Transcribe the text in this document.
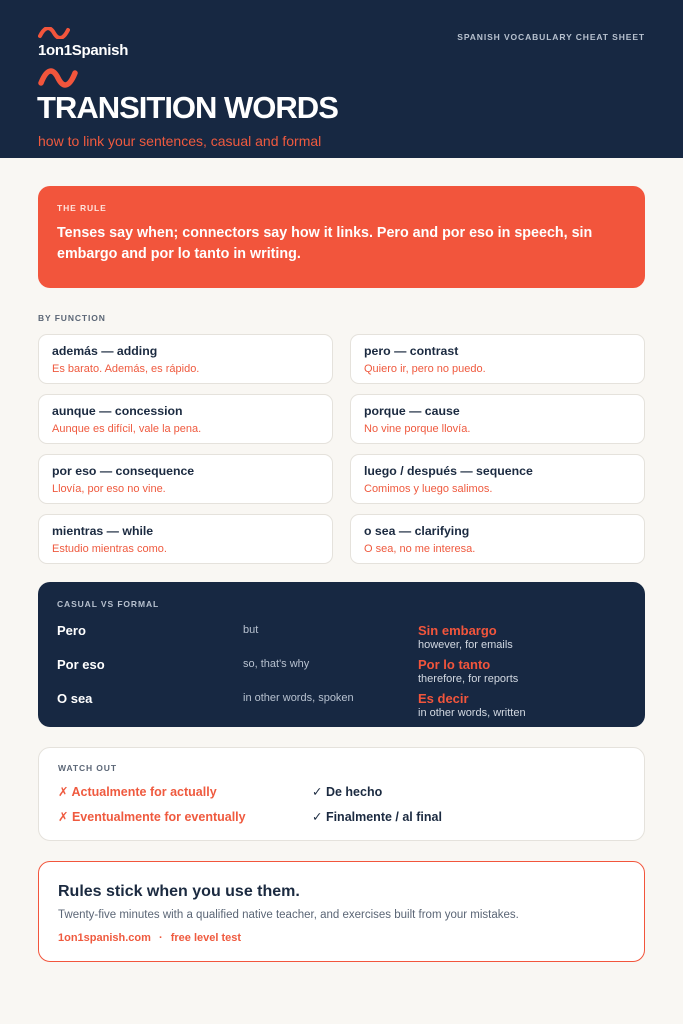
1on1Spanish
SPANISH VOCABULARY CHEAT SHEET
TRANSITION WORDS
how to link your sentences, casual and formal
THE RULE
Tenses say when; connectors say how it links. Pero and por eso in speech, sin embargo and por lo tanto in writing.
BY FUNCTION
además — adding
Es barato. Además, es rápido.
pero — contrast
Quiero ir, pero no puedo.
aunque — concession
Aunque es difícil, vale la pena.
porque — cause
No vine porque llovía.
por eso — consequence
Llovía, por eso no vine.
luego / después — sequence
Comimos y luego salimos.
mientras — while
Estudio mientras como.
o sea — clarifying
O sea, no me interesa.
CASUAL VS FORMAL
Pero	but	Sin embargo
however, for emails
Por eso	so, that's why	Por lo tanto
therefore, for reports
O sea	in other words, spoken	Es decir
in other words, written
WATCH OUT
✗ Actualmente for actually	✓ De hecho
✗ Eventualmente for eventually	✓ Finalmente / al final
Rules stick when you use them.
Twenty-five minutes with a qualified native teacher, and exercises built from your mistakes.
1on1spanish.com · free level test
